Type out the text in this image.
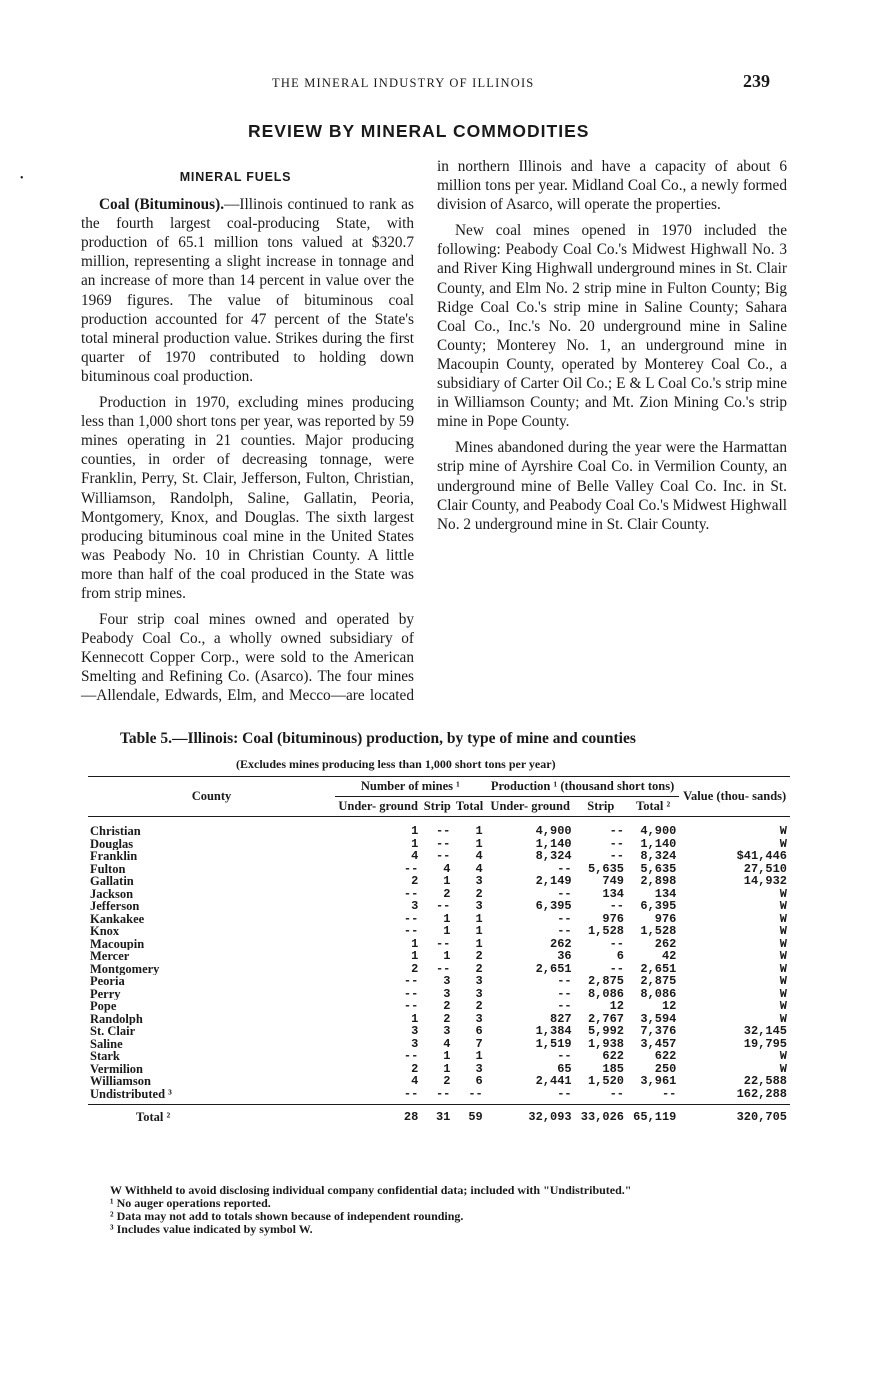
•
THE MINERAL INDUSTRY OF ILLINOIS	239
REVIEW BY MINERAL COMMODITIES
MINERAL FUELS

Coal (Bituminous).—Illinois continued to rank as the fourth largest coal-producing State, with production of 65.1 million tons valued at $320.7 million, representing a slight increase in tonnage and an increase of more than 14 percent in value over the 1969 figures. The value of bituminous coal production accounted for 47 percent of the State's total mineral production value. Strikes during the first quarter of 1970 contributed to holding down bituminous coal production.

Production in 1970, excluding mines producing less than 1,000 short tons per year, was reported by 59 mines operating in 21 counties. Major producing counties, in order of decreasing tonnage, were Franklin, Perry, St. Clair, Jefferson, Fulton, Christian, Williamson, Randolph, Saline, Gallatin, Peoria, Montgomery, Knox, and Douglas. The sixth largest producing bituminous coal mine in the United States was Peabody No. 10 in Christian County. A little more than half of the coal produced in the State was from strip mines.

Four strip coal mines owned and operated by Peabody Coal Co., a wholly owned subsidiary of Kennecott Copper Corp., were sold to the American Smelting and Refining Co. (Asarco). The four mines—Allendale, Edwards, Elm, and Mecco—are located

in northern Illinois and have a capacity of about 6 million tons per year. Midland Coal Co., a newly formed division of Asarco, will operate the properties.

New coal mines opened in 1970 included the following: Peabody Coal Co.'s Midwest Highwall No. 3 and River King Highwall underground mines in St. Clair County, and Elm No. 2 strip mine in Fulton County; Big Ridge Coal Co.'s strip mine in Saline County; Sahara Coal Co., Inc.'s No. 20 underground mine in Saline County; Monterey No. 1, an underground mine in Macoupin County, operated by Monterey Coal Co., a subsidiary of Carter Oil Co.; E & L Coal Co.'s strip mine in Williamson County; and Mt. Zion Mining Co.'s strip mine in Pope County.

Mines abandoned during the year were the Harmattan strip mine of Ayrshire Coal Co. in Vermilion County, an underground mine of Belle Valley Coal Co. Inc. in St. Clair County, and Peabody Coal Co.'s Midwest Highwall No. 2 underground mine in St. Clair County.

Table 5.—Illinois: Coal (bituminous) production, by type of mine and counties
(Excludes mines producing less than 1,000 short tons per year)
County	Number of mines ¹			Production ¹ (thousand short tons)			Value (thou- sands)
	Under- ground	Strip	Total	Under- ground	Strip	Total ²	
Christian	1	--	1	4,900	--	4,900	W
Douglas	1	--	1	1,140	--	1,140	W
Franklin	4	--	4	8,324	--	8,324	$41,446
Fulton	--	4	4	--	5,635	5,635	27,510
Gallatin	2	1	3	2,149	749	2,898	14,932
Jackson	--	2	2	--	134	134	W
Jefferson	3	--	3	6,395	--	6,395	W
Kankakee	--	1	1	--	976	976	W
Knox	--	1	1	--	1,528	1,528	W
Macoupin	1	--	1	262	--	262	W
Mercer	1	1	2	36	6	42	W
Montgomery	2	--	2	2,651	--	2,651	W
Peoria	--	3	3	--	2,875	2,875	W
Perry	--	3	3	--	8,086	8,086	W
Pope	--	2	2	--	12	12	W
Randolph	1	2	3	827	2,767	3,594	W
St. Clair	3	3	6	1,384	5,992	7,376	32,145
Saline	3	4	7	1,519	1,938	3,457	19,795
Stark	--	1	1	--	622	622	W
Vermilion	2	1	3	65	185	250	W
Williamson	4	2	6	2,441	1,520	3,961	22,588
Undistributed ³	--	--	--	--	--	--	162,288
Total ²	28	31	59	32,093	33,026	65,119	320,705
W Withheld to avoid disclosing individual company confidential data; included with "Undistributed."
¹ No auger operations reported.
² Data may not add to totals shown because of independent rounding.
³ Includes value indicated by symbol W.
